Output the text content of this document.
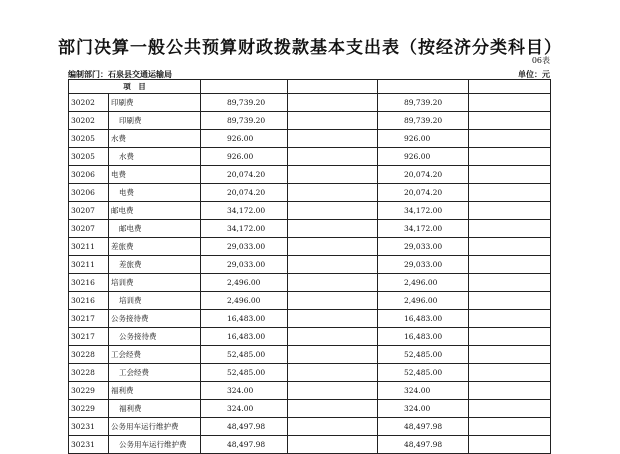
部门决算一般公共预算财政拨款基本支出表（按经济分类科目）
06表
编制部门：石泉县交通运输局	单位：元
项　目					
30202	印刷费	89,739.20		89,739.20	
30202	印刷费	89,739.20		89,739.20	
30205	水费	926.00		926.00	
30205	水费	926.00		926.00	
30206	电费	20,074.20		20,074.20	
30206	电费	20,074.20		20,074.20	
30207	邮电费	34,172.00		34,172.00	
30207	邮电费	34,172.00		34,172.00	
30211	差旅费	29,033.00		29,033.00	
30211	差旅费	29,033.00		29,033.00	
30216	培训费	2,496.00		2,496.00	
30216	培训费	2,496.00		2,496.00	
30217	公务接待费	16,483.00		16,483.00	
30217	公务接待费	16,483.00		16,483.00	
30228	工会经费	52,485.00		52,485.00	
30228	工会经费	52,485.00		52,485.00	
30229	福利费	324.00		324.00	
30229	福利费	324.00		324.00	
30231	公务用车运行维护费	48,497.98		48,497.98	
30231	公务用车运行维护费	48,497.98		48,497.98	
